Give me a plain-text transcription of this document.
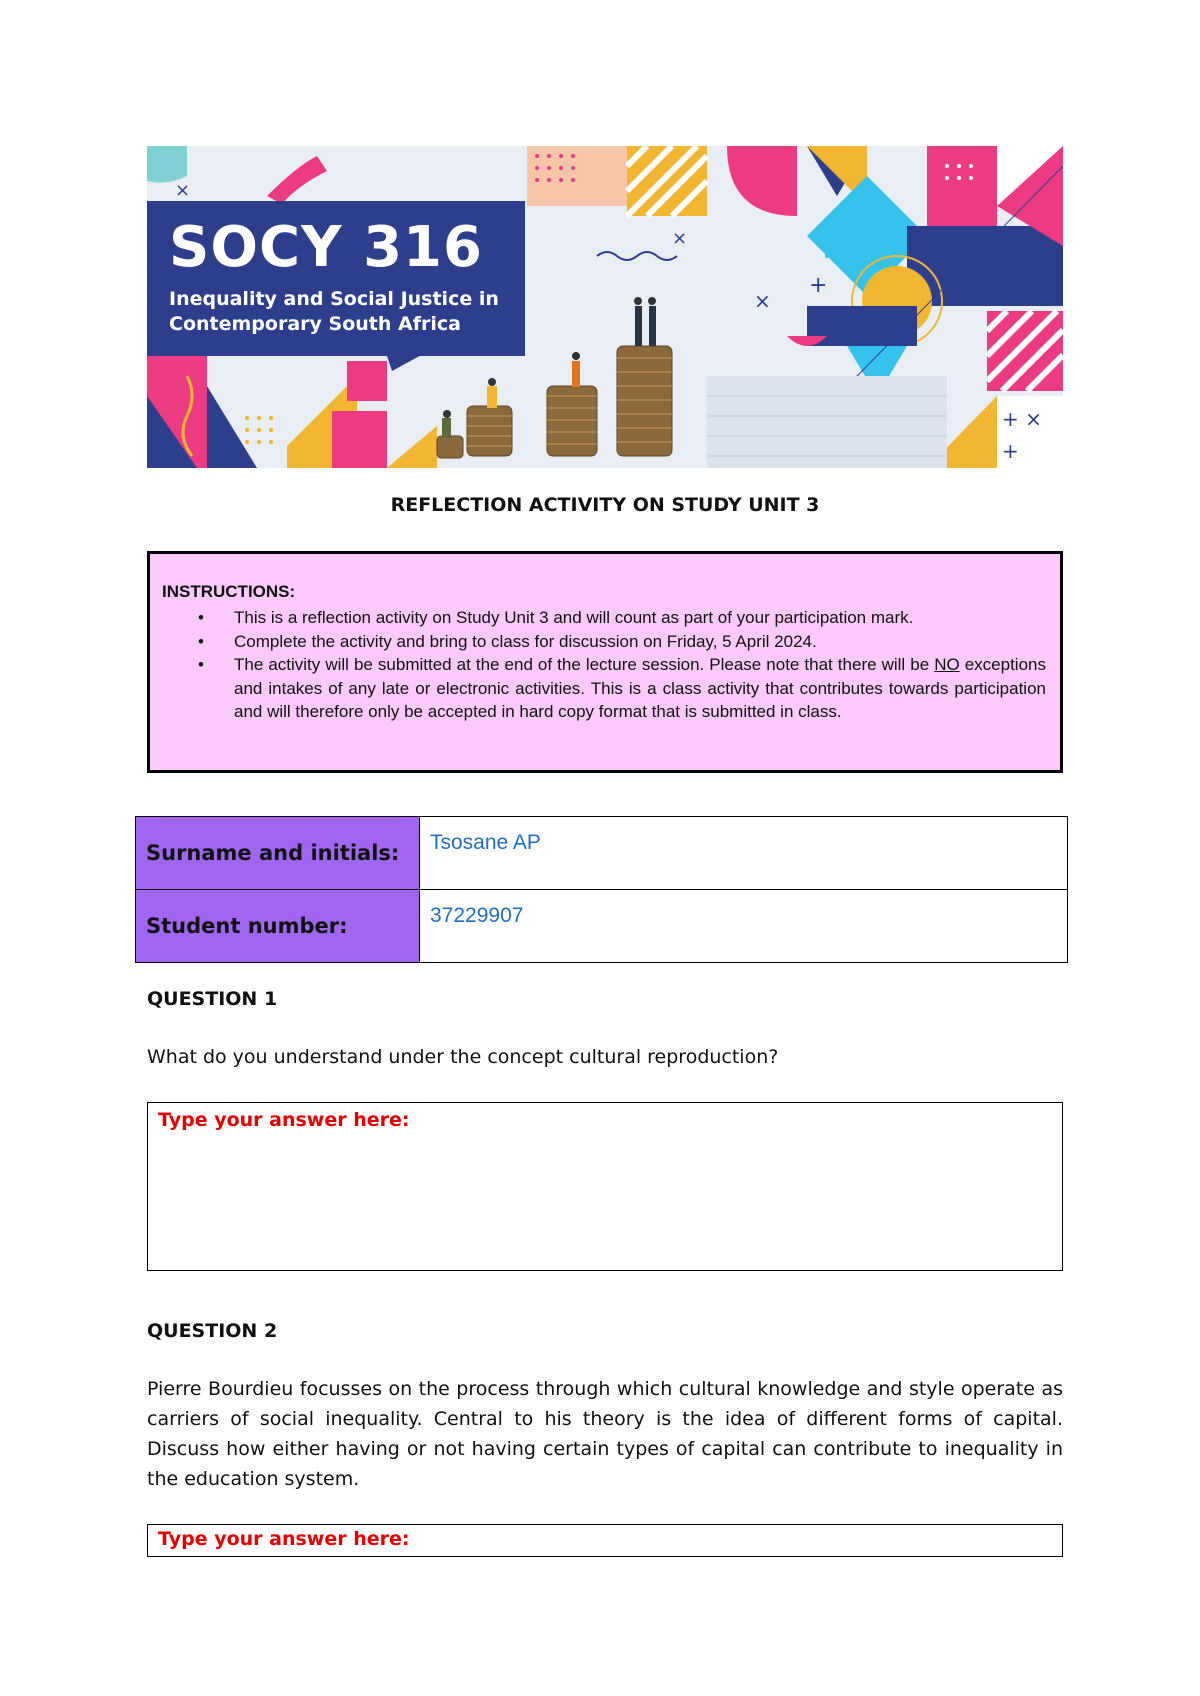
×
×
×
+
+ ×
+
SOCY 316
Inequality and Social Justice in Contemporary South Africa
REFLECTION ACTIVITY ON STUDY UNIT 3
INSTRUCTIONS:
• This is a reflection activity on Study Unit 3 and will count as part of your participation mark.
• Complete the activity and bring to class for discussion on Friday, 5 April 2024.
• The activity will be submitted at the end of the lecture session. Please note that there will be NO exceptions and intakes of any late or electronic activities. This is a class activity that contributes towards participation and will therefore only be accepted in hard copy format that is submitted in class.
Surname and initials:	Tsosane AP
Student number:	37229907
QUESTION 1
What do you understand under the concept cultural reproduction?
Type your answer here:
QUESTION 2
Pierre Bourdieu focusses on the process through which cultural knowledge and style operate as carriers of social inequality. Central to his theory is the idea of different forms of capital. Discuss how either having or not having certain types of capital can contribute to inequality in the education system.
Type your answer here:
